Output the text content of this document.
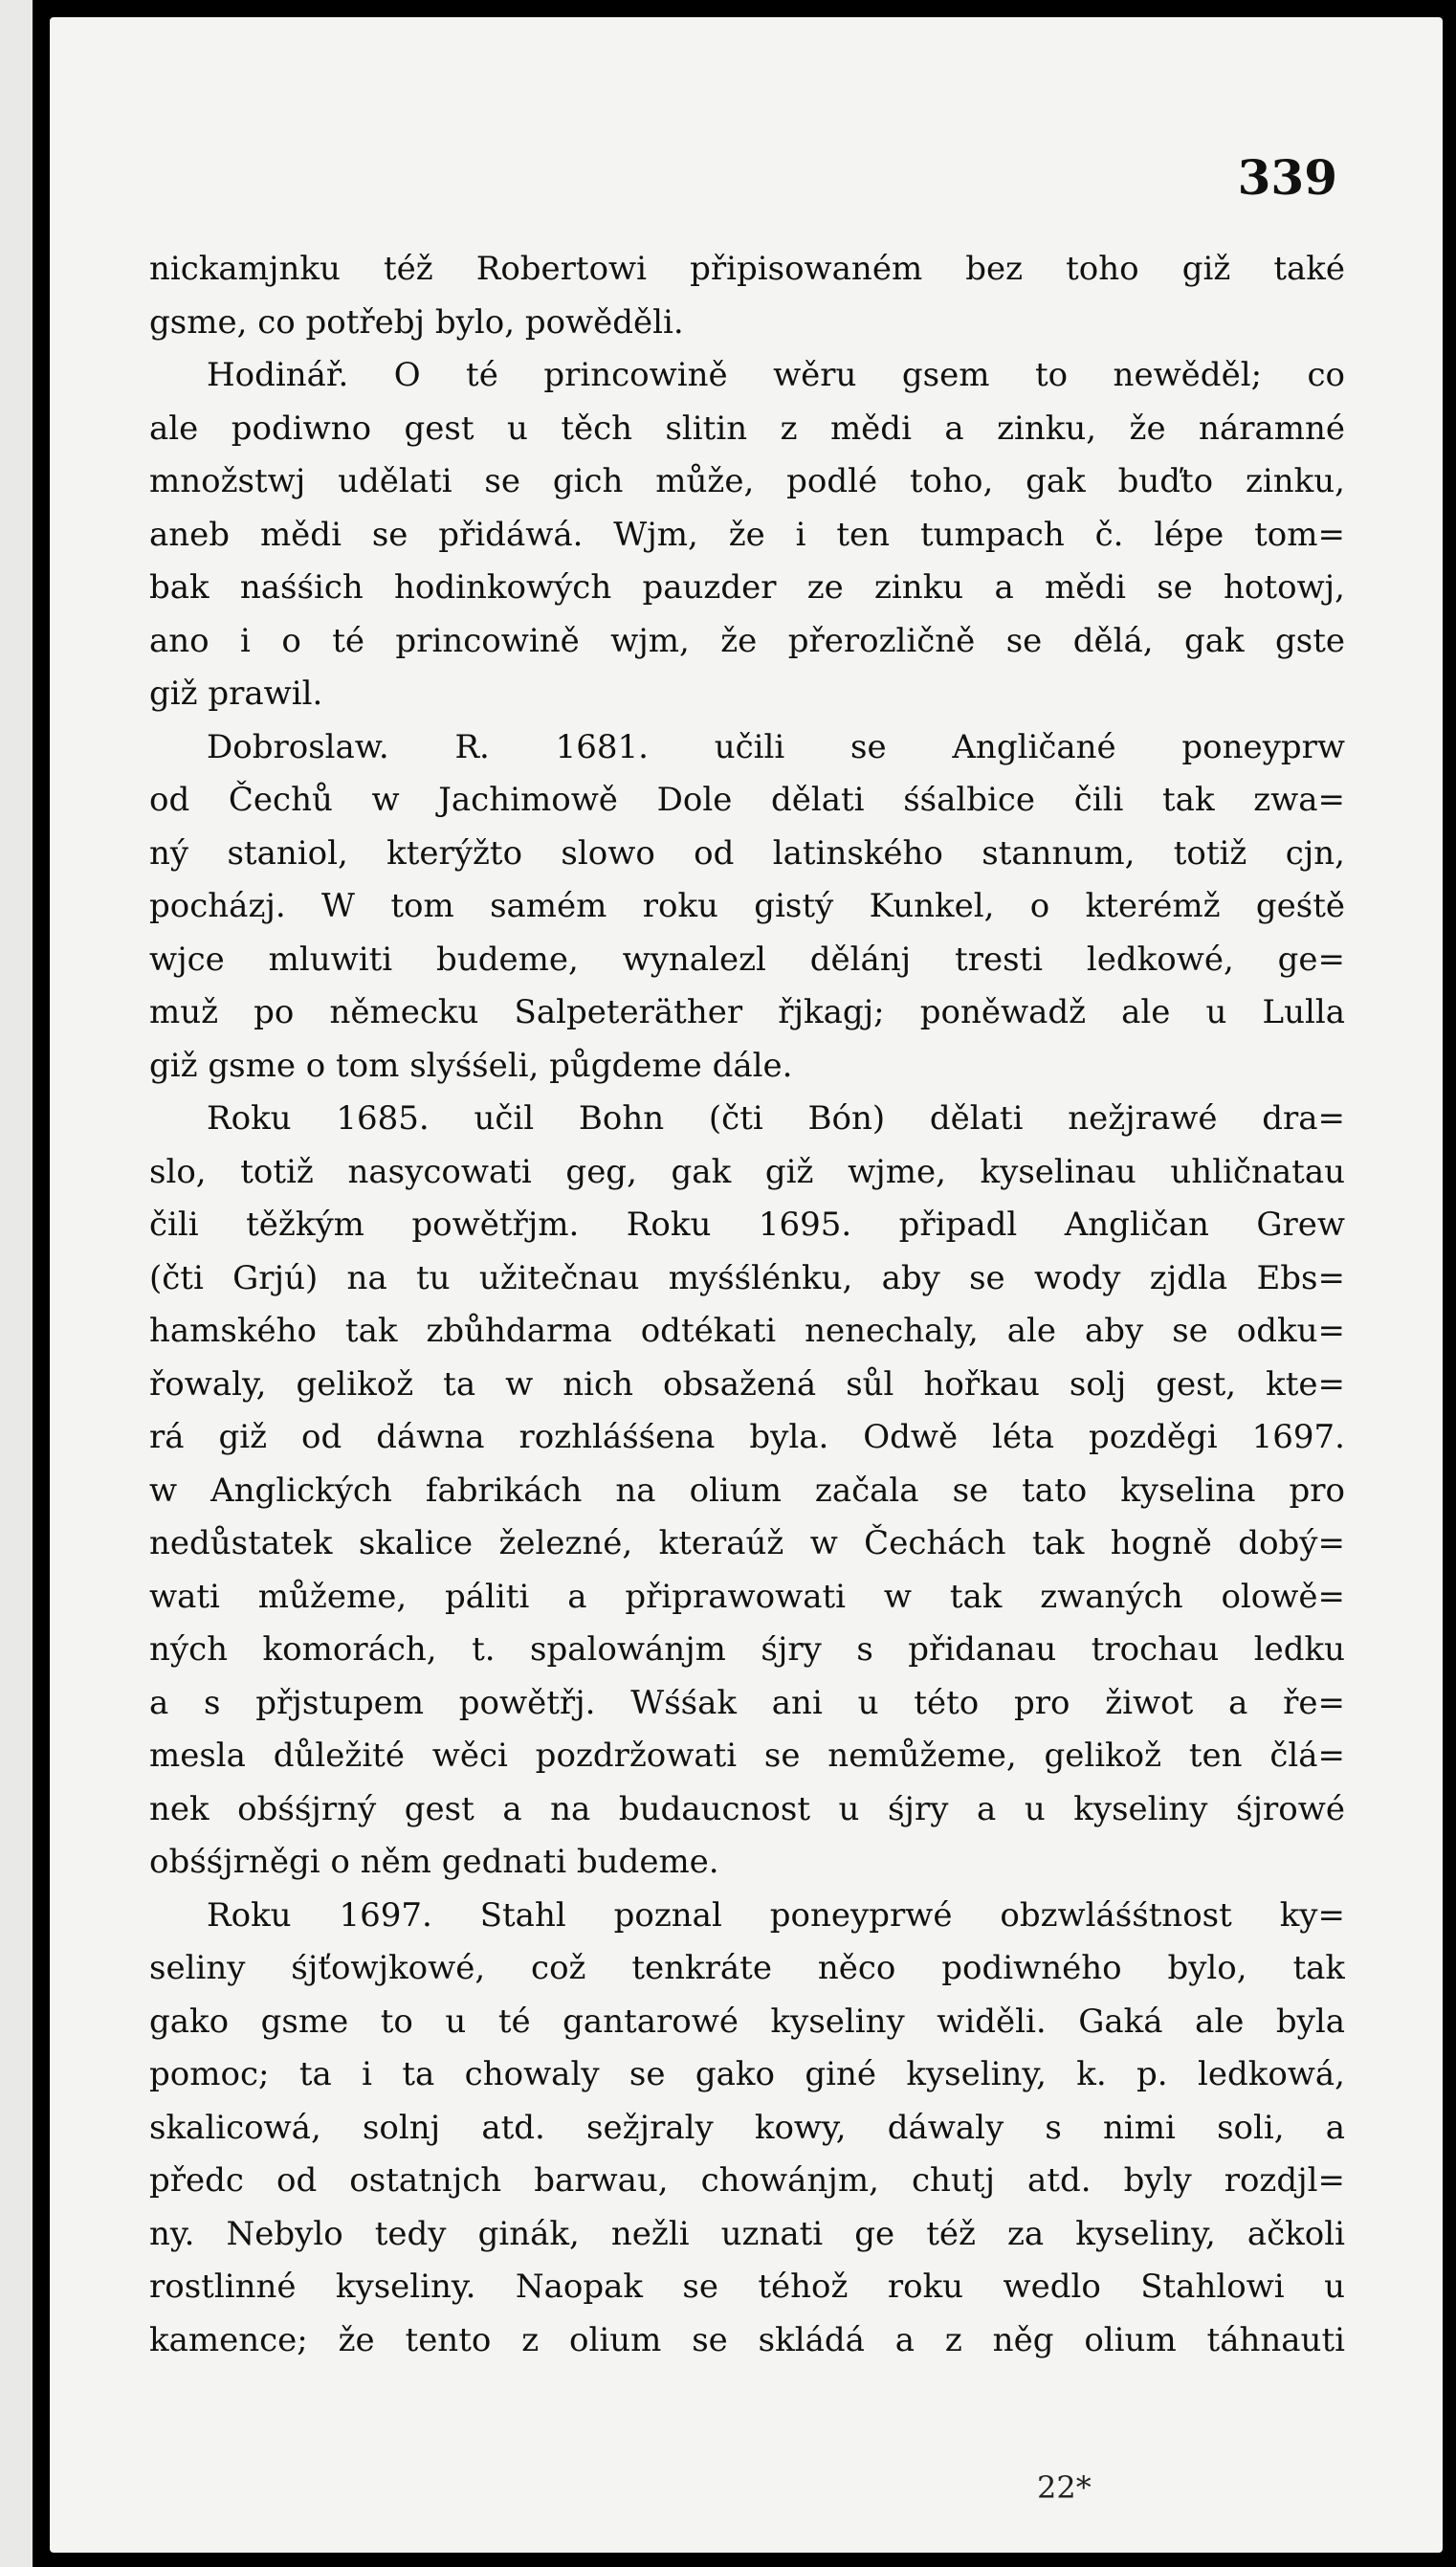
339
nickamjnku též Robertowi připisowaném bez toho giž také
gsme, co potřebj bylo, powěděli.
Hodinář. O té princowině wěru gsem to newěděl; co
ale podiwno gest u těch slitin z mědi a zinku, že náramné
množstwj udělati se gich může, podlé toho, gak buďto zinku,
aneb mědi se přidáwá. Wjm, že i ten tumpach č. lépe tom=
bak naśśich hodinkowých pauzder ze zinku a mědi se hotowj,
ano i o té princowině wjm, že přerozličně se dělá, gak gste
giž prawil.
Dobroslaw. R. 1681. učili se Angličané poneyprw
od Čechů w Jachimowě Dole dělati śśalbice čili tak zwa=
ný staniol, kterýžto slowo od latinského stannum, totiž cjn,
pocházj. W tom samém roku gistý Kunkel, o kterémž geśtě
wjce mluwiti budeme, wynalezl dělánj tresti ledkowé, ge=
muž po německu Salpeteräther řjkagj; poněwadž ale u Lulla
giž gsme o tom slyśśeli, půgdeme dále.
Roku 1685. učil Bohn (čti Bón) dělati nežjrawé dra=
slo, totiž nasycowati geg, gak giž wjme, kyselinau uhličnatau
čili těžkým powětřjm. Roku 1695. připadl Angličan Grew
(čti Grjú) na tu užitečnau myśślénku, aby se wody zjdla Ebs=
hamského tak zbůhdarma odtékati nenechaly, ale aby se odku=
řowaly, gelikož ta w nich obsažená sůl hořkau solj gest, kte=
rá giž od dáwna rozhláśśena byla. Odwě léta pozděgi 1697.
w Anglických fabrikách na olium začala se tato kyselina pro
nedůstatek skalice železné, kteraúž w Čechách tak hogně dobý=
wati můžeme, páliti a připrawowati w tak zwaných olowě=
ných komorách, t. spalowánjm śjry s přidanau trochau ledku
a s přjstupem powětřj. Wśśak ani u této pro žiwot a ře=
mesla důležité wěci pozdržowati se nemůžeme, gelikož ten člá=
nek obśśjrný gest a na budaucnost u śjry a u kyseliny śjrowé
obśśjrněgi o něm gednati budeme.
Roku 1697. Stahl poznal poneyprwé obzwláśśtnost ky=
seliny śjťowjkowé, což tenkráte něco podiwného bylo, tak
gako gsme to u té gantarowé kyseliny widěli. Gaká ale byla
pomoc; ta i ta chowaly se gako giné kyseliny, k. p. ledkowá,
skalicowá, solnj atd. sežjraly kowy, dáwaly s nimi soli, a
předc od ostatnjch barwau, chowánjm, chutj atd. byly rozdjl=
ny. Nebylo tedy ginák, nežli uznati ge též za kyseliny, ačkoli
rostlinné kyseliny. Naopak se téhož roku wedlo Stahlowi u
kamence; že tento z olium se skládá a z něg olium táhnauti
22*
